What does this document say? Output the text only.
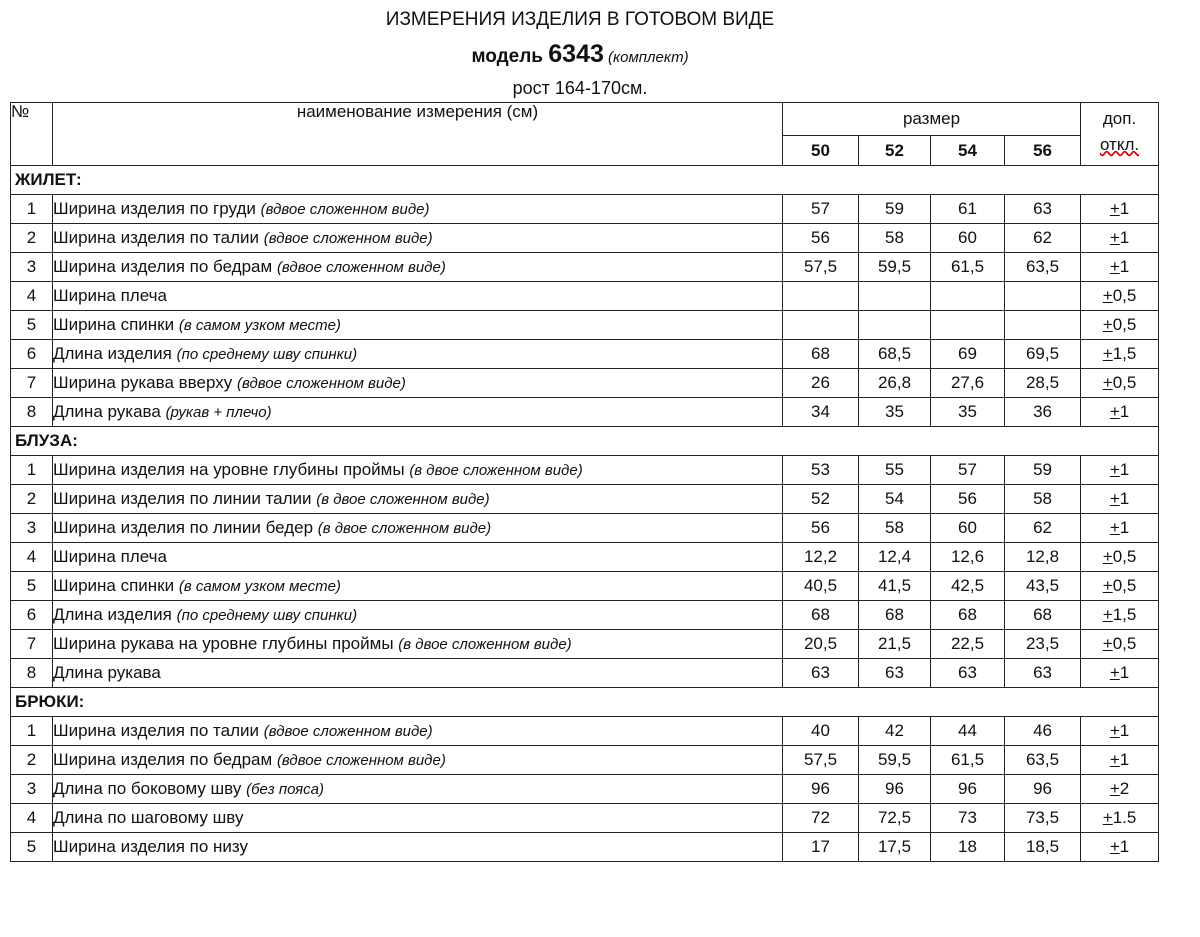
ИЗМЕРЕНИЯ ИЗДЕЛИЯ В ГОТОВОМ ВИДЕ
модель 6343 (комплект)
рост 164-170см.
№	наименование измерения (см)	размер				доп.
		50	52	54	56	откл.
ЖИЛЕТ:						
1	Ширина изделия по груди (вдвое сложенном виде)	57	59	61	63	+1
2	Ширина изделия по талии (вдвое сложенном виде)	56	58	60	62	+1
3	Ширина изделия по бедрам (вдвое сложенном виде)	57,5	59,5	61,5	63,5	+1
4	Ширина плеча					+0,5
5	Ширина спинки (в самом узком месте)					+0,5
6	Длина изделия (по среднему шву спинки)	68	68,5	69	69,5	+1,5
7	Ширина рукава вверху (вдвое сложенном виде)	26	26,8	27,6	28,5	+0,5
8	Длина рукава (рукав + плечо)	34	35	35	36	+1
БЛУЗА:						
1	Ширина изделия на уровне глубины проймы (в двое сложенном виде)	53	55	57	59	+1
2	Ширина изделия по линии талии (в двое сложенном виде)	52	54	56	58	+1
3	Ширина изделия по линии бедер (в двое сложенном виде)	56	58	60	62	+1
4	Ширина плеча	12,2	12,4	12,6	12,8	+0,5
5	Ширина спинки (в самом узком месте)	40,5	41,5	42,5	43,5	+0,5
6	Длина изделия (по среднему шву спинки)	68	68	68	68	+1,5
7	Ширина рукава на уровне глубины проймы (в двое сложенном виде)	20,5	21,5	22,5	23,5	+0,5
8	Длина рукава	63	63	63	63	+1
БРЮКИ:						
1	Ширина изделия по талии (вдвое сложенном виде)	40	42	44	46	+1
2	Ширина изделия по бедрам (вдвое сложенном виде)	57,5	59,5	61,5	63,5	+1
3	Длина по боковому шву (без пояса)	96	96	96	96	+2
4	Длина по шаговому шву	72	72,5	73	73,5	+1.5
5	Ширина изделия по низу	17	17,5	18	18,5	+1
